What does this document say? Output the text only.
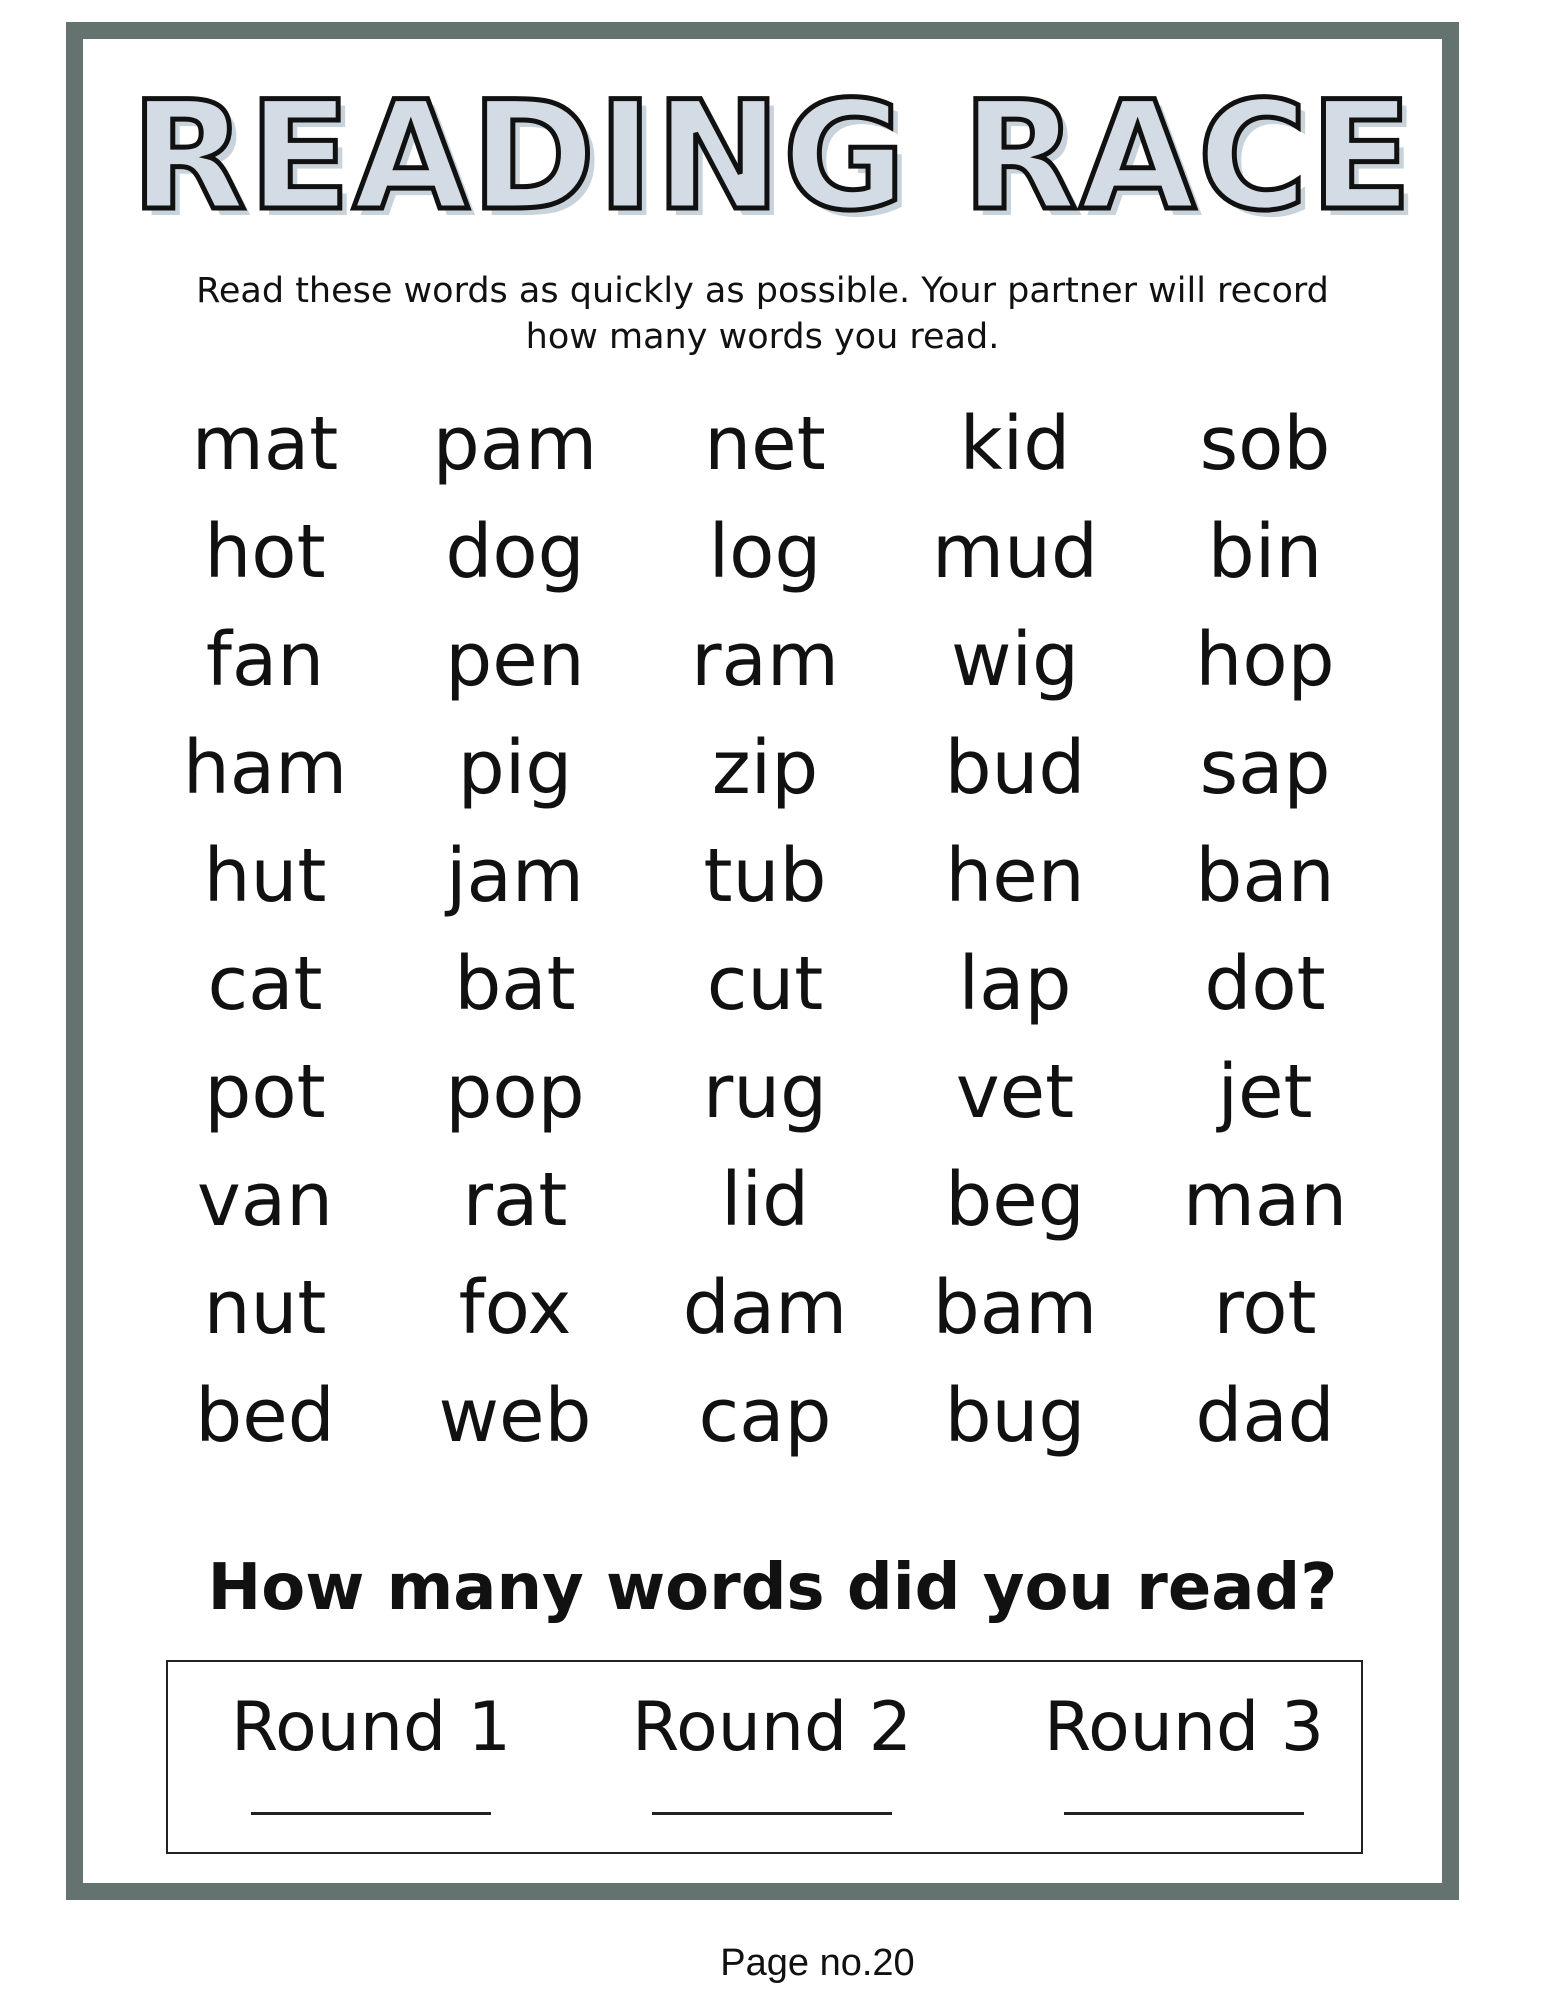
READING RACE
Read these words as quickly as possible. Your partner will record
how many words you read.
mat	pam	net	kid	sob
hot	dog	log	mud	bin
fan	pen	ram	wig	hop
ham	pig	zip	bud	sap
hut	jam	tub	hen	ban
cat	bat	cut	lap	dot
pot	pop	rug	vet	jet
van	rat	lid	beg	man
nut	fox	dam	bam	rot
bed	web	cap	bug	dad
How many words did you read?
Round 1 Round 2 Round 3
Page no.20
